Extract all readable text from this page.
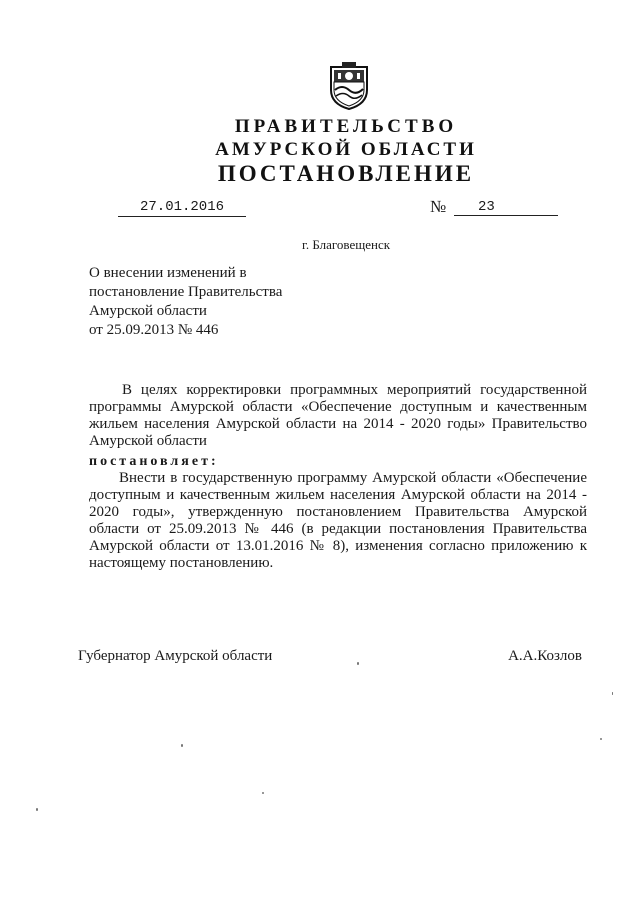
ПРАВИТЕЛЬСТВО
АМУРСКОЙ ОБЛАСТИ
ПОСТАНОВЛЕНИЕ
27.01.2016	№	23
г. Благовещенск
О внесении изменений в
постановление Правительства
Амурской области
от 25.09.2013 № 446
В целях корректировки программных мероприятий государственной программы Амурской области «Обеспечение доступным и качественным жильем населения Амурской области на 2014 - 2020 годы» Правительство Амурской области
постановляет:
Внести в государственную программу Амурской области «Обеспечение доступным и качественным жильем населения Амурской области на 2014 - 2020 годы», утвержденную постановлением Правительства Амурской области от 25.09.2013 № 446 (в редакции постановления Правительства Амурской области от 13.01.2016 № 8), изменения согласно приложению к настоящему постановлению.
Губернатор Амурской области	А.А.Козлов
